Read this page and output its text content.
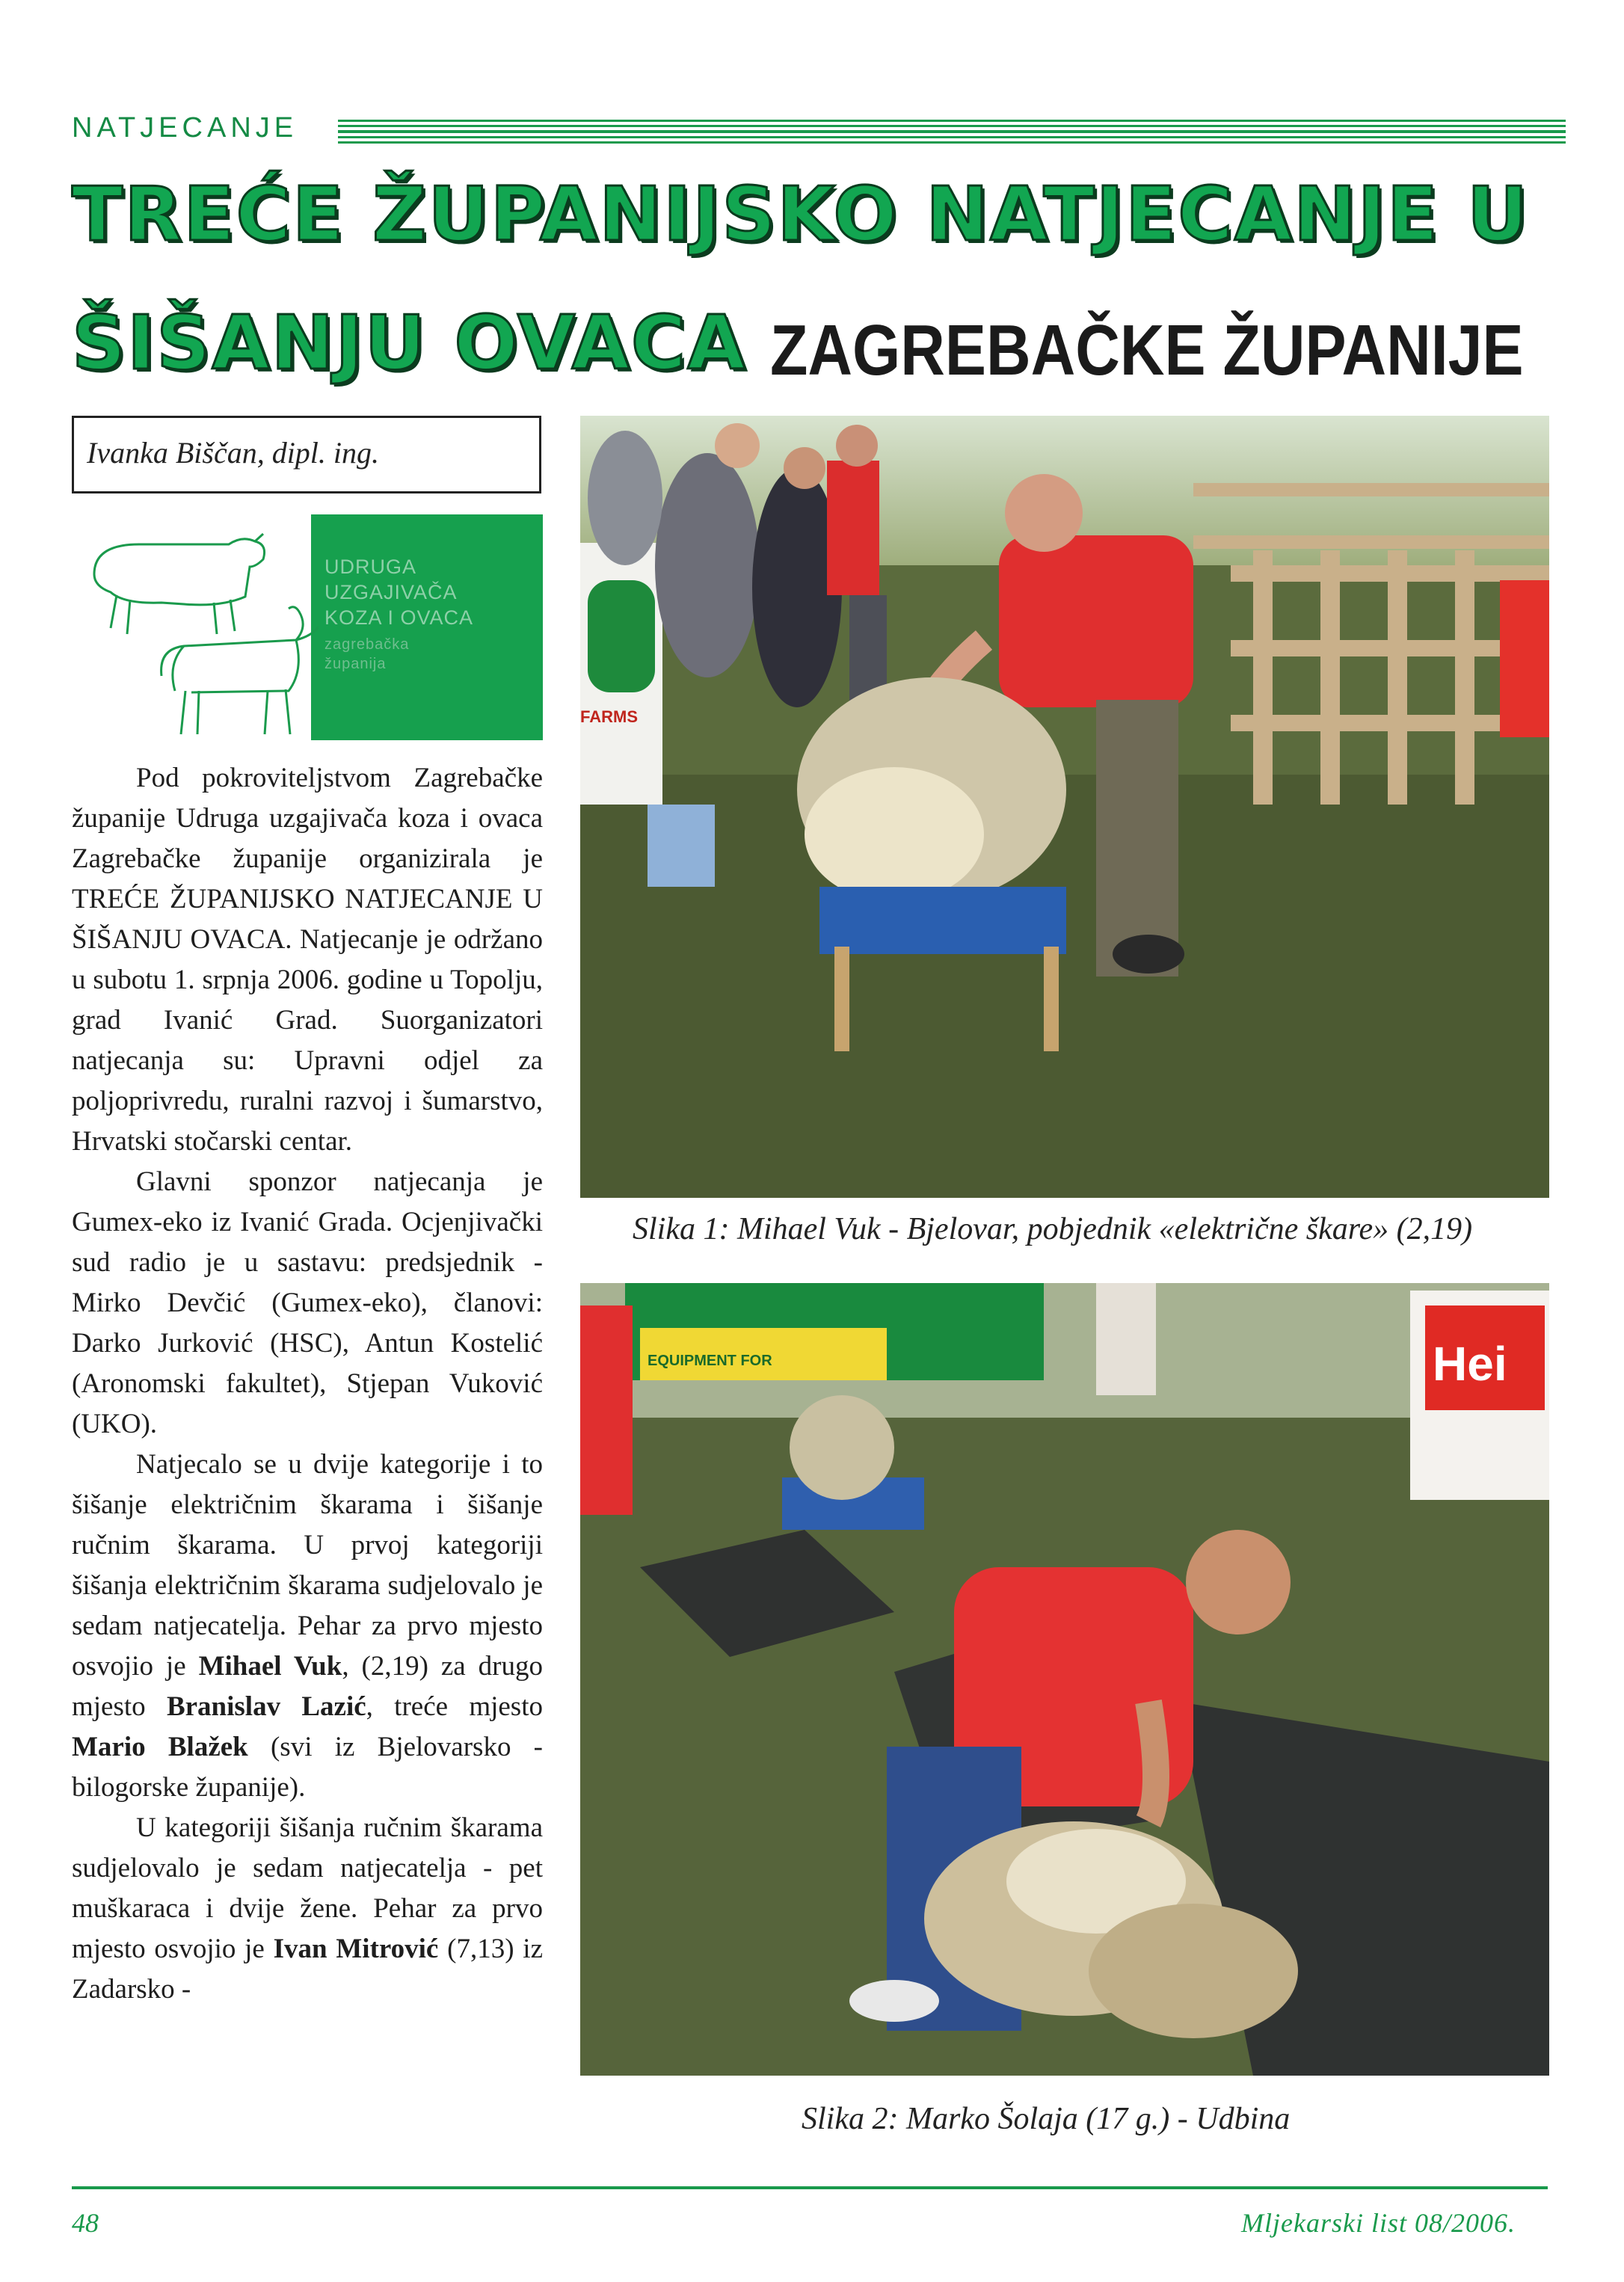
NATJECANJE
TREĆE ŽUPANIJSKO NATJECANJE U
ŠIŠANJU OVACA ZAGREBAČKE ŽUPANIJE
Ivanka Biščan, dipl. ing.
UDRUGA
UZGAJIVAČA
KOZA I OVACA
zagrebačka
županija

Pod pokroviteljstvom Zagrebačke županije Udruga uzgajivača koza i ovaca Zagrebačke županije organizirala je TREĆE ŽUPANIJSKO NATJECANJE U ŠIŠANJU OVACA. Natjecanje je održano u subotu 1. srpnja 2006. godine u Topolju, grad Ivanić Grad. Suorganizatori natjecanja su: Upravni odjel za poljoprivredu, ruralni razvoj i šumarstvo, Hrvatski stočarski centar.

Glavni sponzor natjecanja je Gumex-eko iz Ivanić Grada. Ocjenjivački sud radio je u sastavu: predsjednik - Mirko Devčić (Gumex-eko), članovi: Darko Jurković (HSC), Antun Kostelić (Aronomski fakultet), Stjepan Vuković (UKO).

Natjecalo se u dvije kategorije i to šišanje električnim škarama i šišanje ručnim škarama. U prvoj kategoriji šišanja električnim škarama sudjelovalo je sedam natjecatelja. Pehar za prvo mjesto osvojio je Mihael Vuk, (2,19) za drugo mjesto Branislav Lazić, treće mjesto Mario Blažek (svi iz Bjelovarsko - bilogorske županije).

U kategoriji šišanja ručnim škarama sudjelovalo je sedam natjecatelja - pet muškaraca i dvije žene. Pehar za prvo mjesto osvojio je Ivan Mitrović (7,13) iz Zadarsko -

FARMS
Slika 1: Mihael Vuk - Bjelovar, pobjednik «električne škare» (2,19)
EQUIPMENT FOR	Hei
Slika 2: Marko Šolaja (17 g.) - Udbina
48	Mljekarski list 08/2006.
